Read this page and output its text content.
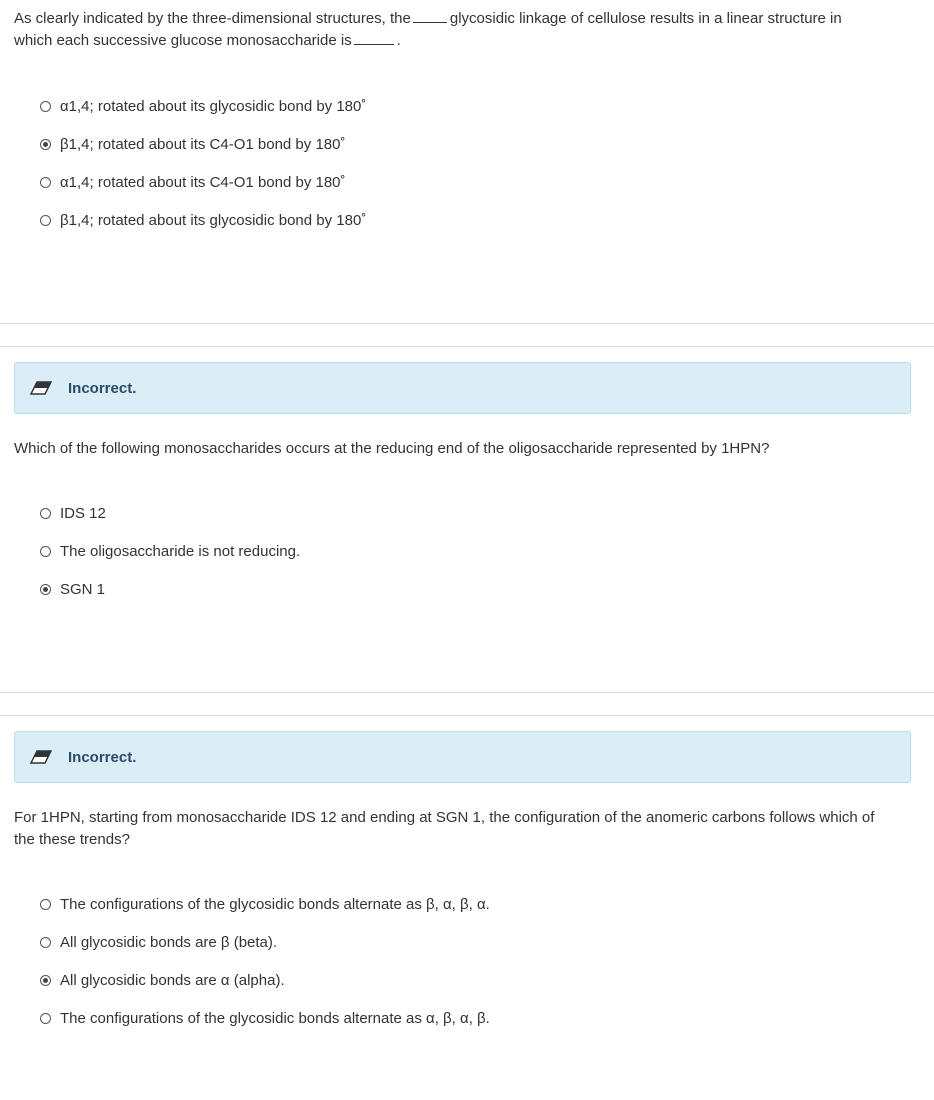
As clearly indicated by the three-dimensional structures, the	glycosidic linkage of cellulose results in a linear structure in
which each successive glucose monosaccharide is	.
α1,4; rotated about its glycosidic bond by 180˚
β1,4; rotated about its C4-O1 bond by 180˚
α1,4; rotated about its C4-O1 bond by 180˚
β1,4; rotated about its glycosidic bond by 180˚
Incorrect.
Which of the following monosaccharides occurs at the reducing end of the oligosaccharide represented by 1HPN?
IDS 12
The oligosaccharide is not reducing.
SGN 1
Incorrect.
For 1HPN, starting from monosaccharide IDS 12 and ending at SGN 1, the configuration of the anomeric carbons follows which of
the these trends?
The configurations of the glycosidic bonds alternate as β, α, β, α.
All glycosidic bonds are β (beta).
All glycosidic bonds are α (alpha).
The configurations of the glycosidic bonds alternate as α, β, α, β.
